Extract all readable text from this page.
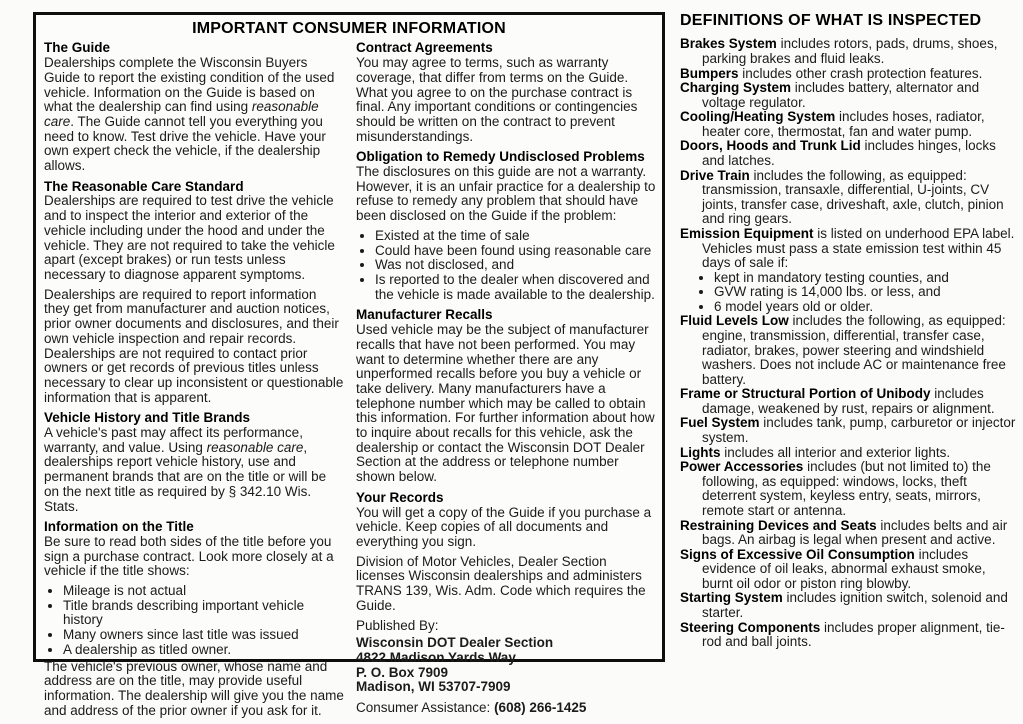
IMPORTANT CONSUMER INFORMATION
The Guide

Dealerships complete the Wisconsin Buyers Guide to report the existing condition of the used vehicle. Information on the Guide is based on what the dealership can find using reasonable care. The Guide cannot tell you everything you need to know. Test drive the vehicle. Have your own expert check the vehicle, if the dealership allows.

The Reasonable Care Standard

Dealerships are required to test drive the vehicle and to inspect the interior and exterior of the vehicle including under the hood and under the vehicle. They are not required to take the vehicle apart (except brakes) or run tests unless necessary to diagnose apparent symptoms.

Dealerships are required to report information they get from manufacturer and auction notices, prior owner documents and disclosures, and their own vehicle inspection and repair records. Dealerships are not required to contact prior owners or get records of previous titles unless necessary to clear up inconsistent or questionable information that is apparent.

Vehicle History and Title Brands

A vehicle's past may affect its performance, warranty, and value. Using reasonable care, dealerships report vehicle history, use and permanent brands that are on the title or will be on the next title as required by § 342.10 Wis. Stats.

Information on the Title

Be sure to read both sides of the title before you sign a purchase contract. Look more closely at a vehicle if the title shows:

• Mileage is not actual
• Title brands describing important vehicle history
• Many owners since last title was issued
• A dealership as titled owner.

The vehicle's previous owner, whose name and address are on the title, may provide useful information. The dealership will give you the name and address of the prior owner if you ask for it.

Contract Agreements

You may agree to terms, such as warranty coverage, that differ from terms on the Guide. What you agree to on the purchase contract is final. Any important conditions or contingencies should be written on the contract to prevent misunderstandings.

Obligation to Remedy Undisclosed Problems

The disclosures on this guide are not a warranty. However, it is an unfair practice for a dealership to refuse to remedy any problem that should have been disclosed on the Guide if the problem:

• Existed at the time of sale
• Could have been found using reasonable care
• Was not disclosed, and
• Is reported to the dealer when discovered and the vehicle is made available to the dealership.
Manufacturer Recalls

Used vehicle may be the subject of manufacturer recalls that have not been performed. You may want to determine whether there are any unperformed recalls before you buy a vehicle or take delivery. Many manufacturers have a telephone number which may be called to obtain this information. For further information about how to inquire about recalls for this vehicle, ask the dealership or contact the Wisconsin DOT Dealer Section at the address or telephone number shown below.

Your Records

You will get a copy of the Guide if you purchase a vehicle. Keep copies of all documents and everything you sign.

Division of Motor Vehicles, Dealer Section licenses Wisconsin dealerships and administers TRANS 139, Wis. Adm. Code which requires the Guide.

Published By:

Wisconsin DOT Dealer Section

4822 Madison Yards Way

P. O. Box 7909

Madison, WI 53707-7909

Consumer Assistance: (608) 266-1425

DEFINITIONS OF WHAT IS INSPECTED

Brakes System includes rotors, pads, drums, shoes, parking brakes and fluid leaks.

Bumpers includes other crash protection features.

Charging System includes battery, alternator and voltage regulator.

Cooling/Heating System includes hoses, radiator, heater core, thermostat, fan and water pump.

Doors, Hoods and Trunk Lid includes hinges, locks and latches.

Drive Train includes the following, as equipped: transmission, transaxle, differential, U-joints, CV joints, transfer case, driveshaft, axle, clutch, pinion and ring gears.

Emission Equipment is listed on underhood EPA label. Vehicles must pass a state emission test within 45 days of sale if:

• kept in mandatory testing counties, and
• GVW rating is 14,000 lbs. or less, and
• 6 model years old or older.

Fluid Levels Low includes the following, as equipped: engine, transmission, differential, transfer case, radiator, brakes, power steering and windshield washers. Does not include AC or maintenance free battery.

Frame or Structural Portion of Unibody includes damage, weakened by rust, repairs or alignment.

Fuel System includes tank, pump, carburetor or injector system.

Lights includes all interior and exterior lights.

Power Accessories includes (but not limited to) the following, as equipped: windows, locks, theft deterrent system, keyless entry, seats, mirrors, remote start or antenna.

Restraining Devices and Seats includes belts and air bags. An airbag is legal when present and active.

Signs of Excessive Oil Consumption includes evidence of oil leaks, abnormal exhaust smoke, burnt oil odor or piston ring blowby.

Starting System includes ignition switch, solenoid and starter.

Steering Components includes proper alignment, tie-rod and ball joints.
